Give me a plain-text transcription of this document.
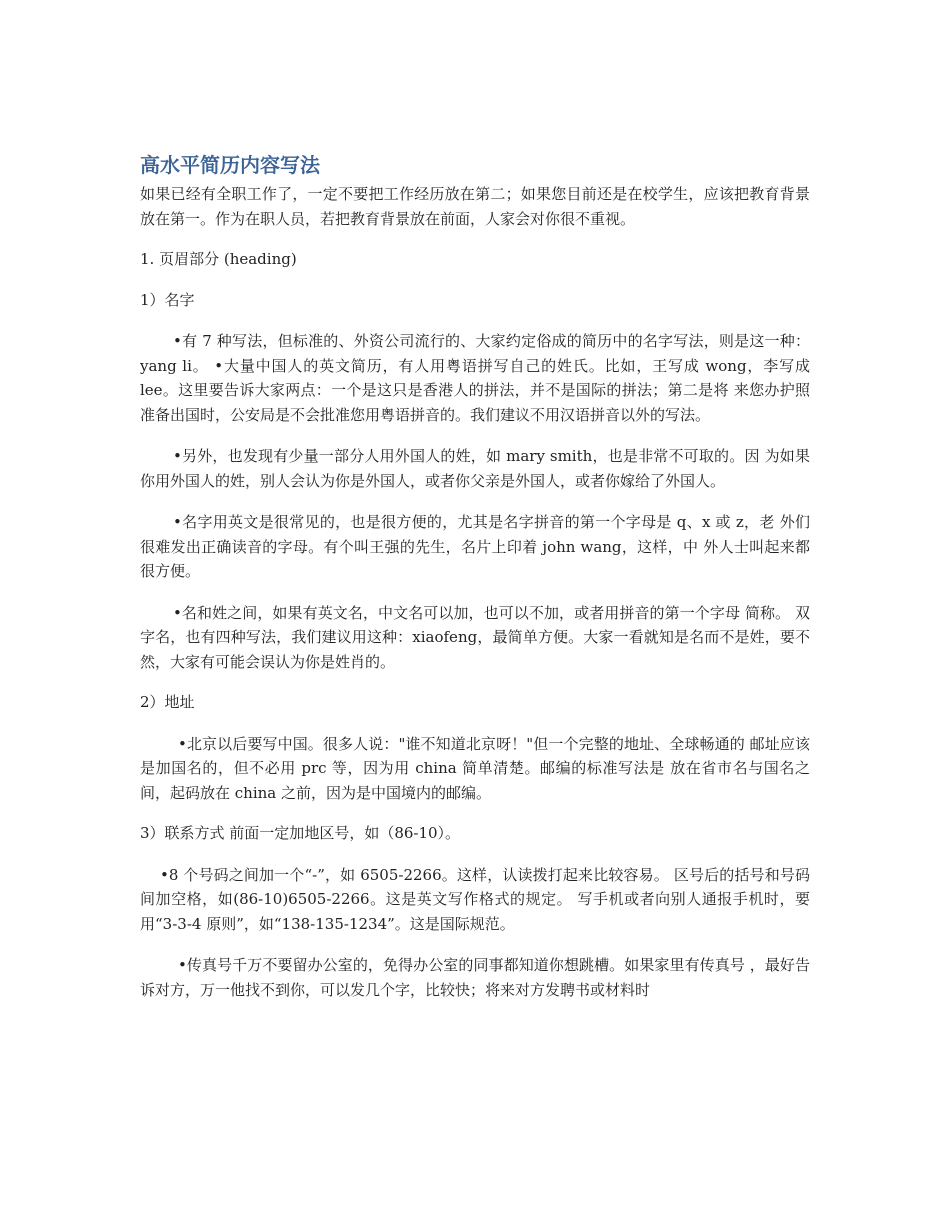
高水平简历内容写法

如果已经有全职工作了，一定不要把工作经历放在第二；如果您目前还是在校学生，应该把教育背景放在第一。作为在职人员，若把教育背景放在前面，人家会对你很不重视。

1. 页眉部分 (heading)

1）名字

•有 7 种写法，但标准的、外资公司流行的、大家约定俗成的简历中的名字写法，则是这一种：yang li。 •大量中国人的英文简历，有人用粤语拼写自己的姓氏。比如，王写成 wong，李写成 lee。这里要告诉大家两点：一个是这只是香港人的拼法，并不是国际的拼法；第二是将 来您办护照准备出国时，公安局是不会批准您用粤语拼音的。我们建议不用汉语拼音以外的写法。

•另外，也发现有少量一部分人用外国人的姓，如 mary smith，也是非常不可取的。因 为如果你用外国人的姓，别人会认为你是外国人，或者你父亲是外国人，或者你嫁给了外国人。

•名字用英文是很常见的，也是很方便的，尤其是名字拼音的第一个字母是 q、x 或 z，老 外们很难发出正确读音的字母。有个叫王强的先生，名片上印着 john wang，这样，中 外人士叫起来都很方便。

•名和姓之间，如果有英文名，中文名可以加，也可以不加，或者用拼音的第一个字母 简称。 双字名，也有四种写法，我们建议用这种：xiaofeng，最简单方便。大家一看就知是名而不是姓，要不然，大家有可能会误认为你是姓肖的。

2）地址

•北京以后要写中国。很多人说："谁不知道北京呀！"但一个完整的地址、全球畅通的 邮址应该是加国名的，但不必用 prc 等，因为用 china 简单清楚。邮编的标准写法是 放在省市名与国名之间，起码放在 china 之前，因为是中国境内的邮编。

3）联系方式 前面一定加地区号，如（86-10）。

•8 个号码之间加一个“-”，如 6505-2266。这样，认读拨打起来比较容易。 区号后的括号和号码间加空格，如(86-10)6505-2266。这是英文写作格式的规定。 写手机或者向别人通报手机时，要用“3-3-4 原则”，如“138-135-1234”。这是国际规范。

•传真号千万不要留办公室的，免得办公室的同事都知道你想跳槽。如果家里有传真号 ，最好告诉对方，万一他找不到你，可以发几个字，比较快；将来对方发聘书或材料时
